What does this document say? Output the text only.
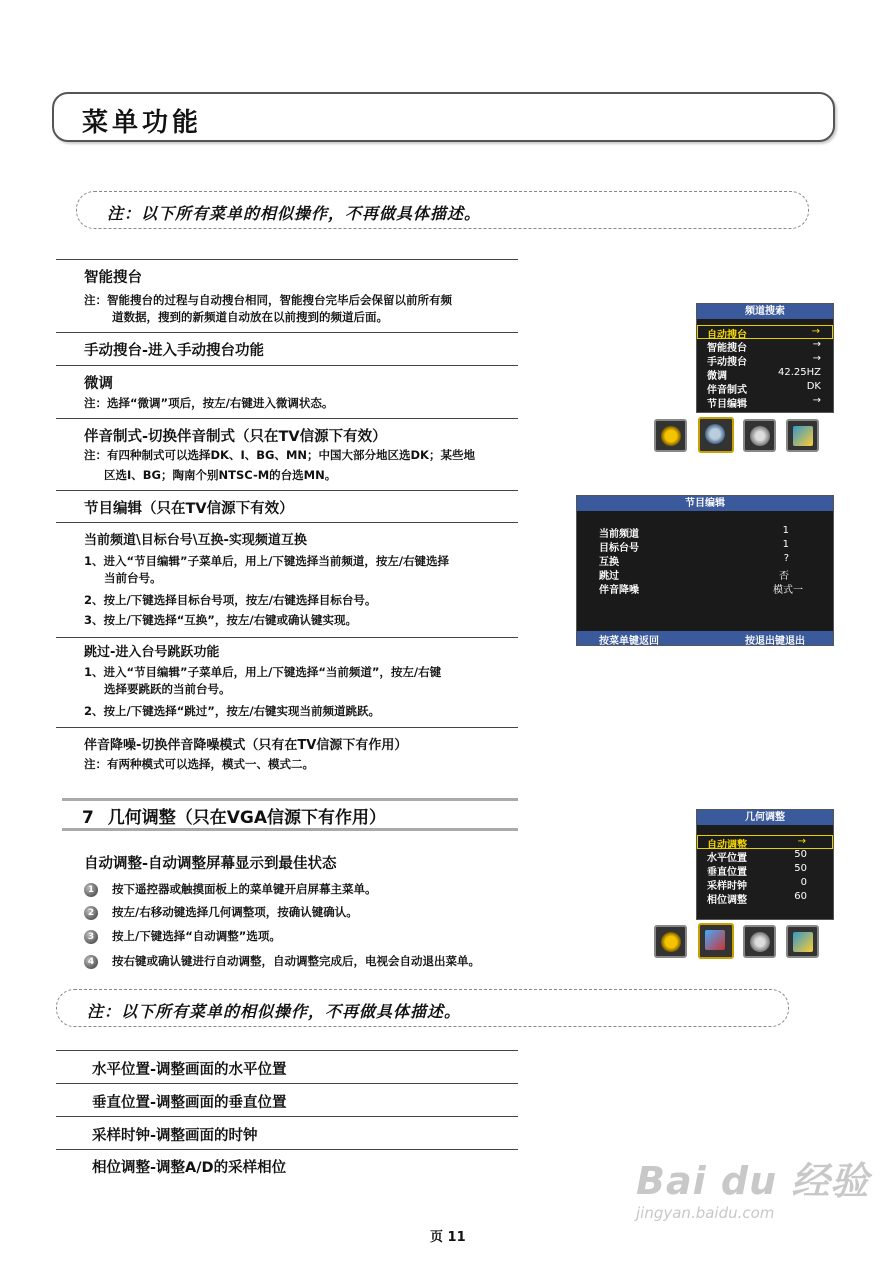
菜单功能
注：以下所有菜单的相似操作，不再做具体描述。
智能搜台
注：智能搜台的过程与自动搜台相同，智能搜台完毕后会保留以前所有频
道数据，搜到的新频道自动放在以前搜到的频道后面。
手动搜台-进入手动搜台功能
微调
注：选择“微调”项后，按左/右键进入微调状态。
伴音制式-切换伴音制式（只在TV信源下有效）
注：有四种制式可以选择DK、I、BG、MN；中国大部分地区选DK；某些地
区选I、BG；陶南个别NTSC-M的台选MN。
节目编辑（只在TV信源下有效）
当前频道\目标台号\互换-实现频道互换
1、进入“节目编辑”子菜单后，用上/下键选择当前频道，按左/右键选择
当前台号。
2、按上/下键选择目标台号项，按左/右键选择目标台号。
3、按上/下键选择“互换”，按左/右键或确认键实现。
跳过-进入台号跳跃功能
1、进入“节目编辑”子菜单后，用上/下键选择“当前频道”，按左/右键
选择要跳跃的当前台号。
2、按上/下键选择“跳过”，按左/右键实现当前频道跳跃。
伴音降噪-切换伴音降噪模式（只有在TV信源下有作用）
注：有两种模式可以选择，模式一、模式二。
7 几何调整（只在VGA信源下有作用）
自动调整-自动调整屏幕显示到最佳状态
1	按下遥控器或触摸面板上的菜单键开启屏幕主菜单。
2	按左/右移动键选择几何调整项，按确认键确认。
3	按上/下键选择“自动调整”选项。
4	按右键或确认键进行自动调整，自动调整完成后，电视会自动退出菜单。
注：以下所有菜单的相似操作，不再做具体描述。
水平位置-调整画面的水平位置
垂直位置-调整画面的垂直位置
采样时钟-调整画面的时钟
相位调整-调整A/D的采样相位
频道搜索
自动搜台	→
智能搜台	→
手动搜台	→
微调	42.25HZ
伴音制式	DK
节目编辑	→
节目编辑
当前频道	1
目标台号	1
互换	?
跳过	否
伴音降噪	模式一
按菜单键返回	按退出键退出
几何调整
自动调整	→
水平位置	50
垂直位置	50
采样时钟	0
相位调整	60
Bai du 经验
jingyan.baidu.com
页 11
